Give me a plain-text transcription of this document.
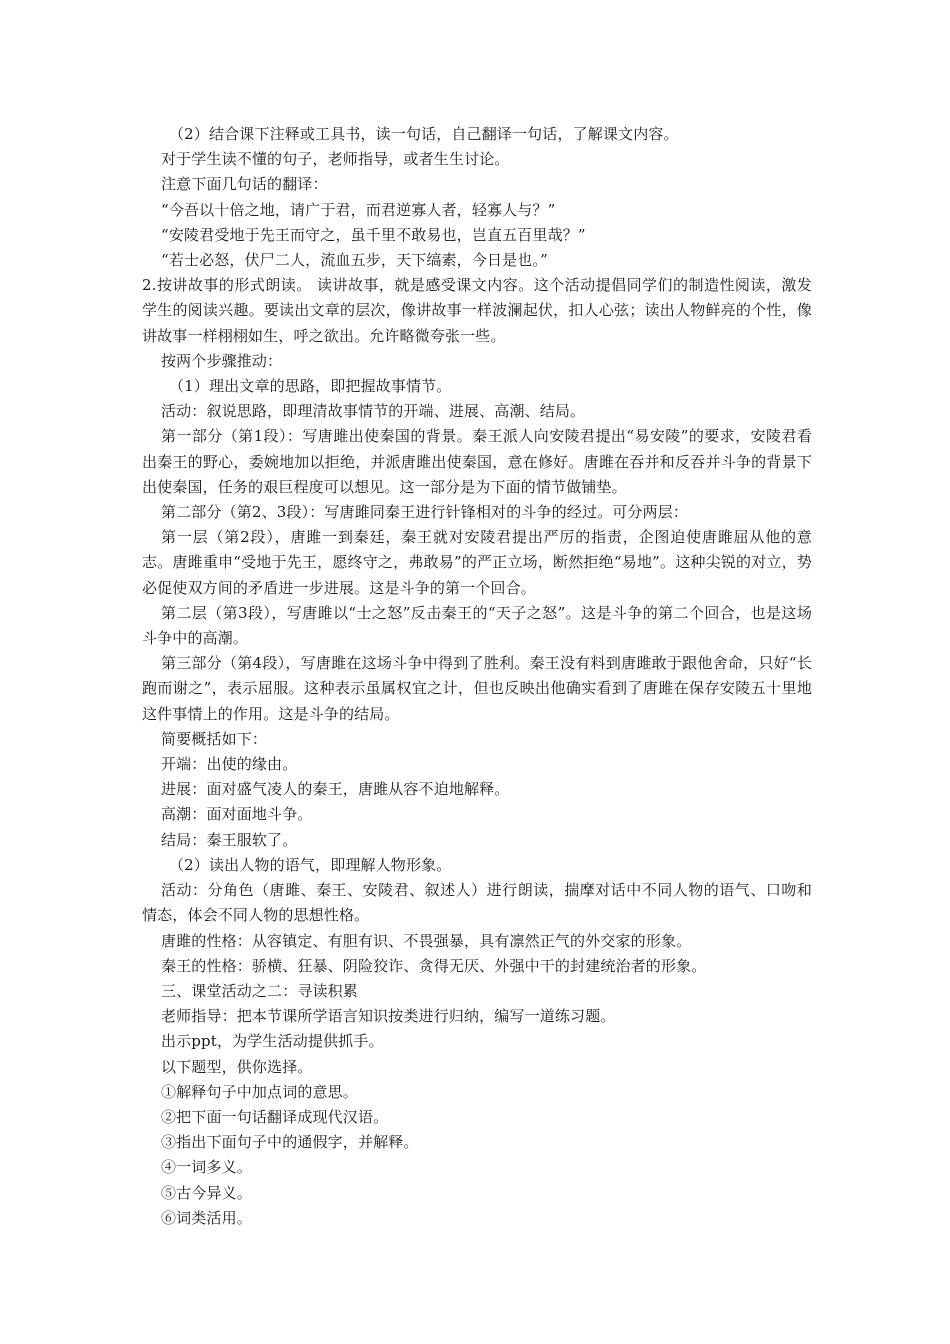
（2）结合课下注释或工具书，读一句话，自己翻译一句话，了解课文内容。

对于学生读不懂的句子，老师指导，或者生生讨论。

注意下面几句话的翻译：

“今吾以十倍之地，请广于君，而君逆寡人者，轻寡人与？”

“安陵君受地于先王而守之，虽千里不敢易也，岂直五百里哉？”

“若士必怒，伏尸二人，流血五步，天下缟素，今日是也。”

2.按讲故事的形式朗读。 读讲故事，就是感受课文内容。这个活动提倡同学们的制造性阅读，激发学生的阅读兴趣。要读出文章的层次，像讲故事一样波澜起伏，扣人心弦；读出人物鲜亮的个性，像讲故事一样栩栩如生，呼之欲出。允许略微夸张一些。

按两个步骤推动：

（1）理出文章的思路，即把握故事情节。

活动：叙说思路，即理清故事情节的开端、进展、高潮、结局。

第一部分（第1段）：写唐雎出使秦国的背景。秦王派人向安陵君提出“易安陵”的要求，安陵君看出秦王的野心，委婉地加以拒绝，并派唐雎出使秦国，意在修好。唐雎在吞并和反吞并斗争的背景下出使秦国，任务的艰巨程度可以想见。这一部分是为下面的情节做铺垫。

第二部分（第2、3段）：写唐雎同秦王进行针锋相对的斗争的经过。可分两层：

第一层（第2段），唐雎一到秦廷，秦王就对安陵君提出严厉的指责，企图迫使唐雎屈从他的意志。唐雎重申“受地于先王，愿终守之，弗敢易”的严正立场，断然拒绝“易地”。这种尖锐的对立，势必促使双方间的矛盾进一步进展。这是斗争的第一个回合。

第二层（第3段），写唐雎以“士之怒”反击秦王的“天子之怒”。这是斗争的第二个回合，也是这场斗争中的高潮。

第三部分（第4段），写唐雎在这场斗争中得到了胜利。秦王没有料到唐雎敢于跟他舍命，只好“长跑而谢之”，表示屈服。这种表示虽属权宜之计，但也反映出他确实看到了唐雎在保存安陵五十里地这件事情上的作用。这是斗争的结局。

简要概括如下：

开端：出使的缘由。

进展：面对盛气凌人的秦王，唐雎从容不迫地解释。

高潮：面对面地斗争。

结局：秦王服软了。

（2）读出人物的语气，即理解人物形象。

活动：分角色（唐雎、秦王、安陵君、叙述人）进行朗读，揣摩对话中不同人物的语气、口吻和情态，体会不同人物的思想性格。

唐雎的性格：从容镇定、有胆有识、不畏强暴，具有凛然正气的外交家的形象。

秦王的性格：骄横、狂暴、阴险狡诈、贪得无厌、外强中干的封建统治者的形象。

三、课堂活动之二：寻读积累

老师指导：把本节课所学语言知识按类进行归纳，编写一道练习题。

出示ppt，为学生活动提供抓手。

以下题型，供你选择。

①解释句子中加点词的意思。

②把下面一句话翻译成现代汉语。

③指出下面句子中的通假字，并解释。

④一词多义。

⑤古今异义。

⑥词类活用。
